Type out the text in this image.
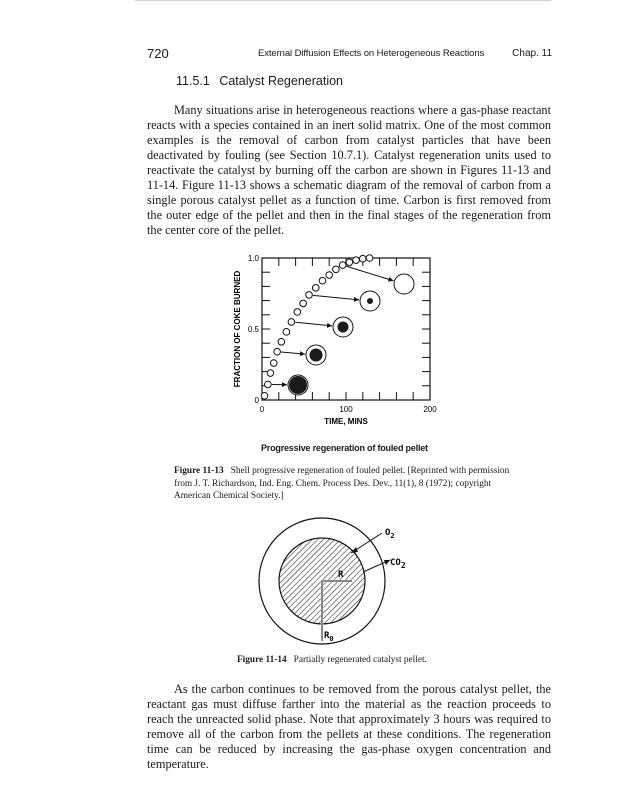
720	External Diffusion Effects on Heterogeneous Reactions	Chap. 11
11.5.1 Catalyst Regeneration

Many situations arise in heterogeneous reactions where a gas-phase reactant reacts with a species contained in an inert solid matrix. One of the most common examples is the removal of carbon from catalyst particles that have been deactivated by fouling (see Section 10.7.1). Catalyst regeneration units used to reactivate the catalyst by burning off the carbon are shown in Figures 11-13 and 11-14. Figure 11-13 shows a schematic diagram of the removal of carbon from a single porous catalyst pellet as a function of time. Carbon is first removed from the outer edge of the pellet and then in the final stages of the regeneration from the center core of the pellet.

0	100	200
0
0.5
1.0
TIME, MINS
FRACTION OF COKE BURNED
Progressive regeneration of fouled pellet

Figure 11-13 Shell progressive regeneration of fouled pellet. [Reprinted with permission from J. T. Richardson, Ind. Eng. Chem. Process Des. Dev., 11(1), 8 (1972); copyright American Chemical Society.]

$O_2$
CO2
R
$R_0$

Figure 11-14 Partially regenerated catalyst pellet.

As the carbon continues to be removed from the porous catalyst pellet, the reactant gas must diffuse farther into the material as the reaction proceeds to reach the unreacted solid phase. Note that approximately 3 hours was required to remove all of the carbon from the pellets at these conditions. The regeneration time can be reduced by increasing the gas-phase oxygen concentration and temperature.
